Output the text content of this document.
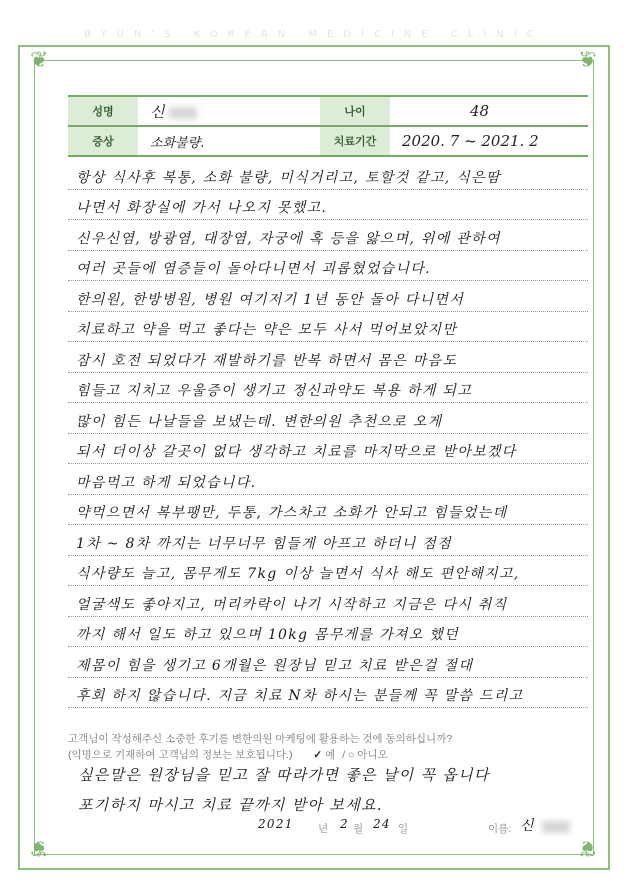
BYUN'S KOREAN MEDICINE CLINIC
❦	❦
❦	❦
성명	신	나이	48
증상	소화불량.	치료기간	2020. 7 ~ 2021. 2
항상 식사후 복통, 소화 불량, 미식거리고, 토할것 같고, 식은땀
나면서 화장실에 가서 나오지 못했고.
신우신염, 방광염, 대장염, 자궁에 혹 등을 앓으며, 위에 관하여
여러 곳들에 염증들이 돌아다니면서 괴롭혔었습니다.
한의원, 한방병원, 병원 여기저기 1년 동안 돌아 다니면서
치료하고 약을 먹고 좋다는 약은 모두 사서 먹어보았지만
잠시 호전 되었다가 재발하기를 반복 하면서 몸은 마음도
힘들고 지치고 우울증이 생기고 정신과약도 복용 하게 되고
많이 힘든 나날들을 보냈는데. 변한의원 추천으로 오게
되서 더이상 갈곳이 없다 생각하고 치료를 마지막으로 받아보겠다
마음먹고 하게 되었습니다.
약먹으면서 복부팽만, 두통, 가스차고 소화가 안되고 힘들었는데
1차 ~ 8차 까지는 너무너무 힘들게 아프고 하더니 점점
식사량도 늘고, 몸무게도 7kg 이상 늘면서 식사 해도 편안해지고,
얼굴색도 좋아지고, 머리카락이 나기 시작하고 지금은 다시 취직
까지 해서 일도 하고 있으며 10kg 몸무게를 가져오 했던
제몸이 힘을 생기고 6개월은 원장님 믿고 치료 받은걸 절대
후회 하지 않습니다. 지금 치료 N차 하시는 분들께 꼭 말씀 드리고
고객님이 작성해주신 소중한 후기를 변한의원 마케팅에 활용하는 것에 동의하십니까?
(익명으로 기재하여 고객님의 정보는 보호됩니다.) ✓ 예 / ○ 아니오
싶은말은 원장님을 믿고 잘 따라가면 좋은 날이 꼭 옵니다
포기하지 마시고 치료 끝까지 받아 보세요.
2021 년 2 월 24 일	이름: 신
